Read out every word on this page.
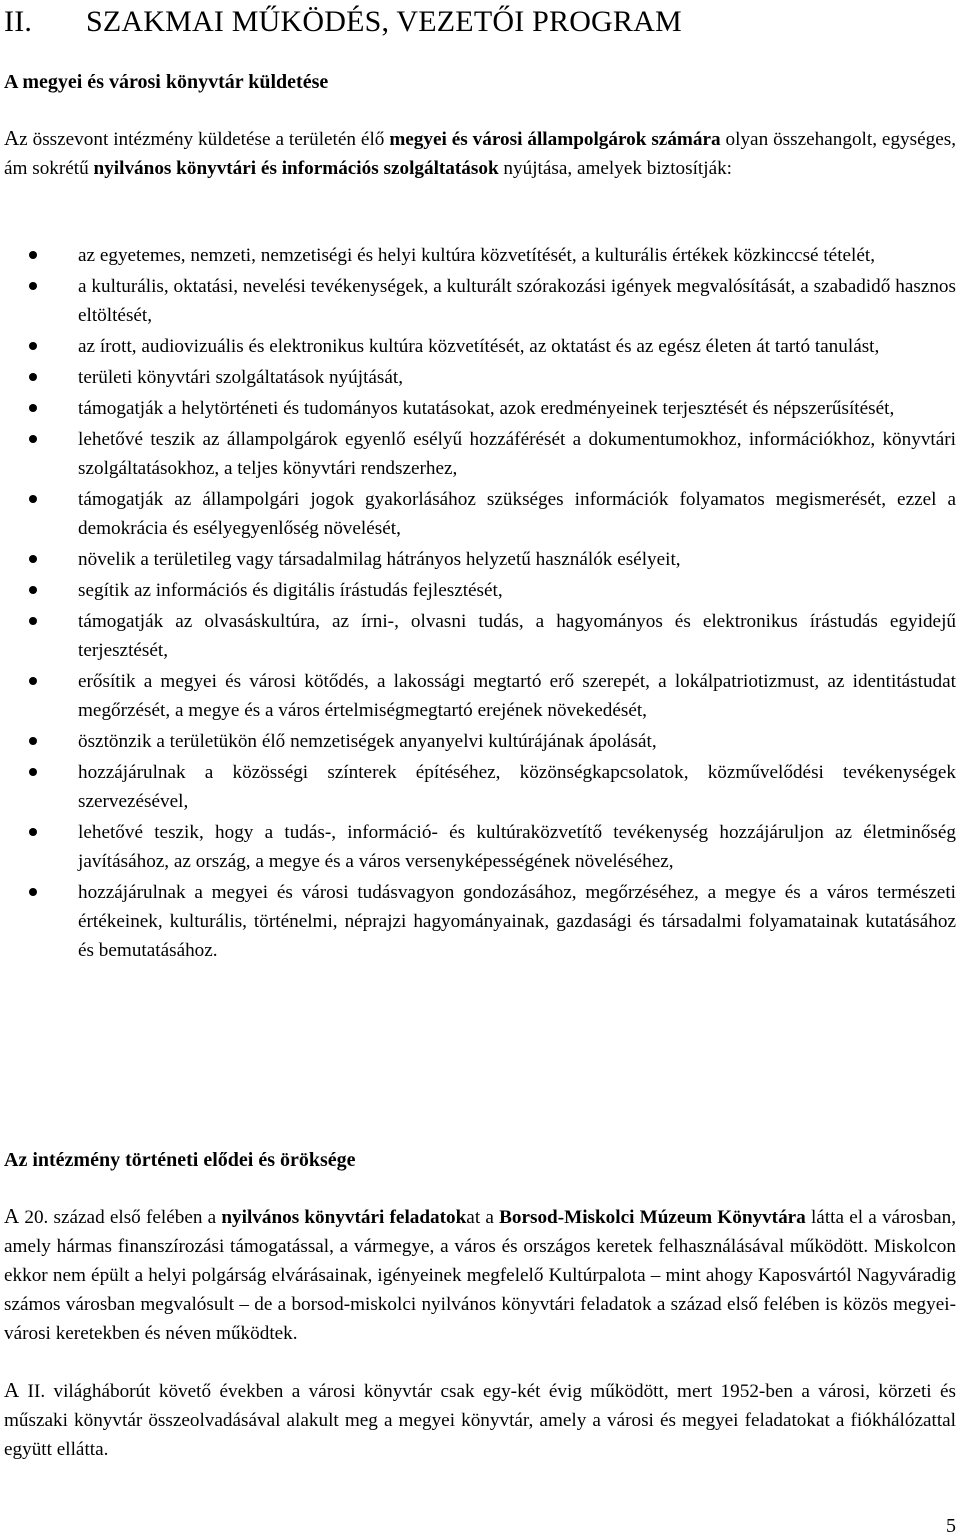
II. SZAKMAI MŰKÖDÉS, VEZETŐI PROGRAM
A megyei és városi könyvtár küldetése

Az összevont intézmény küldetése a területén élő megyei és városi állampolgárok számára olyan összehangolt, egységes, ám sokrétű nyilvános könyvtári és információs szolgáltatások nyújtása, amelyek biztosítják:

az egyetemes, nemzeti, nemzetiségi és helyi kultúra közvetítését, a kulturális értékek közkinccsé tételét,
a kulturális, oktatási, nevelési tevékenységek, a kulturált szórakozási igények megvalósítását, a szabadidő hasznos eltöltését,
az írott, audiovizuális és elektronikus kultúra közvetítését, az oktatást és az egész életen át tartó tanulást,
területi könyvtári szolgáltatások nyújtását,
támogatják a helytörténeti és tudományos kutatásokat, azok eredményeinek terjesztését és népszerűsítését,
lehetővé teszik az állampolgárok egyenlő esélyű hozzáférését a dokumentumokhoz, információkhoz, könyvtári szolgáltatásokhoz, a teljes könyvtári rendszerhez,
támogatják az állampolgári jogok gyakorlásához szükséges információk folyamatos megismerését, ezzel a demokrácia és esélyegyenlőség növelését,
növelik a területileg vagy társadalmilag hátrányos helyzetű használók esélyeit,
segítik az információs és digitális írástudás fejlesztését,
támogatják az olvasáskultúra, az írni-, olvasni tudás, a hagyományos és elektronikus írástudás egyidejű terjesztését,
erősítik a megyei és városi kötődés, a lakossági megtartó erő szerepét, a lokálpatriotizmust, az identitástudat megőrzését, a megye és a város értelmiségmegtartó erejének növekedését,
ösztönzik a területükön élő nemzetiségek anyanyelvi kultúrájának ápolását,
hozzájárulnak a közösségi színterek építéséhez, közönségkapcsolatok, közművelődési tevékenységek szervezésével,
lehetővé teszik, hogy a tudás-, információ- és kultúraközvetítő tevékenység hozzájáruljon az életminőség javításához, az ország, a megye és a város versenyképességének növeléséhez,
hozzájárulnak a megyei és városi tudásvagyon gondozásához, megőrzéséhez, a megye és a város természeti értékeinek, kulturális, történelmi, néprajzi hagyományainak, gazdasági és társadalmi folyamatainak kutatásához és bemutatásához.
Az intézmény történeti elődei és öröksége

A 20. század első felében a nyilvános könyvtári feladatokat a Borsod-Miskolci Múzeum Könyvtára látta el a városban, amely hármas finanszírozási támogatással, a vármegye, a város és országos keretek felhasználásával működött. Miskolcon ekkor nem épült a helyi polgárság elvárásainak, igényeinek megfelelő Kultúrpalota – mint ahogy Kaposvártól Nagyváradig számos városban megvalósult – de a borsod-miskolci nyilvános könyvtári feladatok a század első felében is közös megyei-városi keretekben és néven működtek.

A II. világháborút követő években a városi könyvtár csak egy-két évig működött, mert 1952-ben a városi, körzeti és műszaki könyvtár összeolvadásával alakult meg a megyei könyvtár, amely a városi és megyei feladatokat a fiókhálózattal együtt ellátta.

5
